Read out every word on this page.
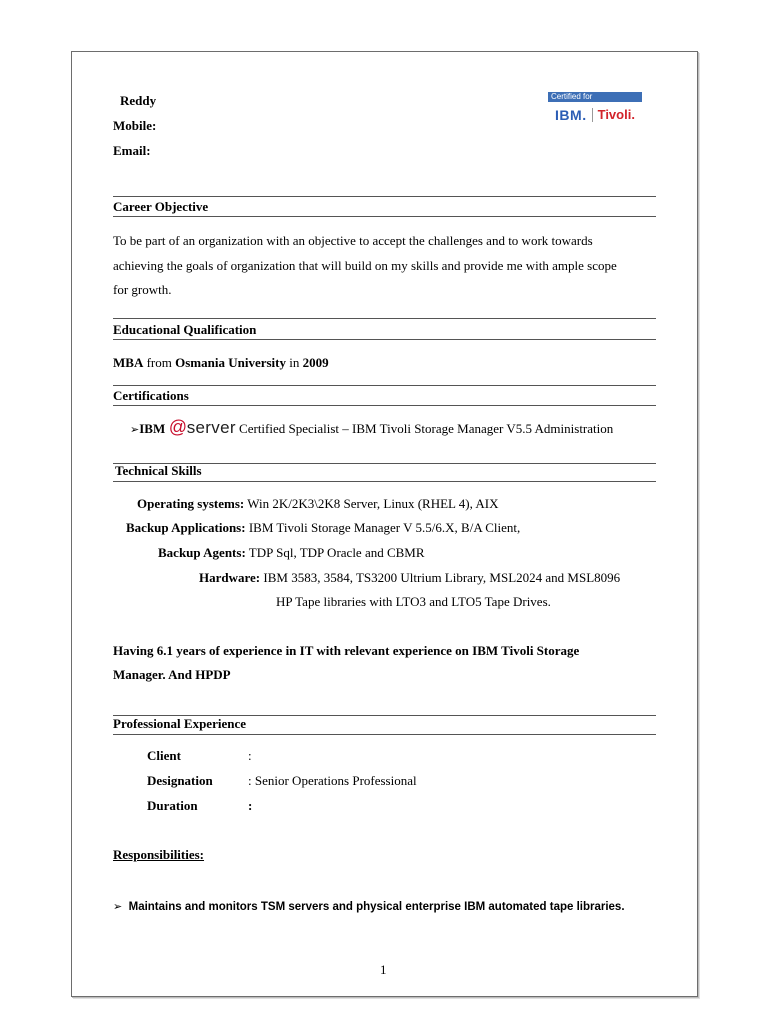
Reddy
Mobile:
Email:
Certified for
IBM. Tivoli.
Career Objective
To be part of an organization with an objective to accept the challenges and to work towards
achieving the goals of organization that will build on my skills and provide me with ample scope
for growth.
Educational Qualification
MBA from Osmania University in 2009
Certifications
➢IBM @server Certified Specialist – IBM Tivoli Storage Manager V5.5 Administration
Technical Skills
Operating systems: Win 2K/2K3\2K8 Server, Linux (RHEL 4), AIX
Backup Applications: IBM Tivoli Storage Manager V 5.5/6.X, B/A Client,
Backup Agents: TDP Sql, TDP Oracle and CBMR
Hardware: IBM 3583, 3584, TS3200 Ultrium Library, MSL2024 and MSL8096
HP Tape libraries with LTO3 and LTO5 Tape Drives.
Having 6.1 years of experience in IT with relevant experience on IBM Tivoli Storage
Manager. And HPDP
Professional Experience
Client	:
Designation	: Senior Operations Professional
Duration	:
Responsibilities:
➢ Maintains and monitors TSM servers and physical enterprise IBM automated tape libraries.
1
